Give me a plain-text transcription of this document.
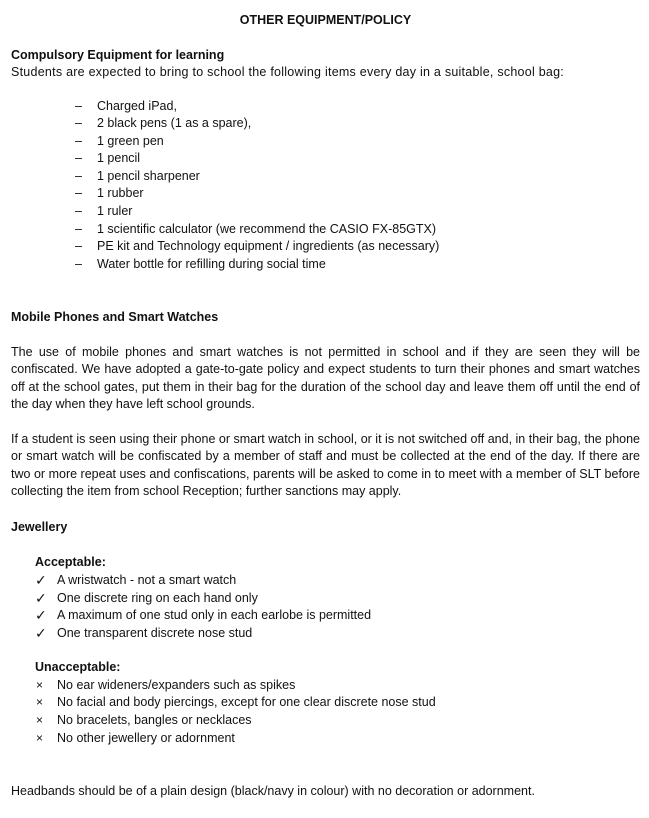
OTHER EQUIPMENT/POLICY

Compulsory Equipment for learning

Students are expected to bring to school the following items every day in a suitable, school bag:

– Charged iPad,
– 2 black pens (1 as a spare),
– 1 green pen
– 1 pencil
– 1 pencil sharpener
– 1 rubber
– 1 ruler
– 1 scientific calculator (we recommend the CASIO FX-85GTX)
– PE kit and Technology equipment / ingredients (as necessary)
– Water bottle for refilling during social time

Mobile Phones and Smart Watches

The use of mobile phones and smart watches is not permitted in school and if they are seen they will be confiscated. We have adopted a gate-to-gate policy and expect students to turn their phones and smart watches off at the school gates, put them in their bag for the duration of the school day and leave them off until the end of the day when they have left school grounds.

If a student is seen using their phone or smart watch in school, or it is not switched off and, in their bag, the phone or smart watch will be confiscated by a member of staff and must be collected at the end of the day. If there are two or more repeat uses and confiscations, parents will be asked to come in to meet with a member of SLT before collecting the item from school Reception; further sanctions may apply.

Jewellery

Acceptable:

✓ A wristwatch - not a smart watch
✓ One discrete ring on each hand only
✓ A maximum of one stud only in each earlobe is permitted
✓ One transparent discrete nose stud

Unacceptable:

×	No ear wideners/expanders such as spikes
×	No facial and body piercings, except for one clear discrete nose stud
×	No bracelets, bangles or necklaces
×	No other jewellery or adornment

Headbands should be of a plain design (black/navy in colour) with no decoration or adornment.
